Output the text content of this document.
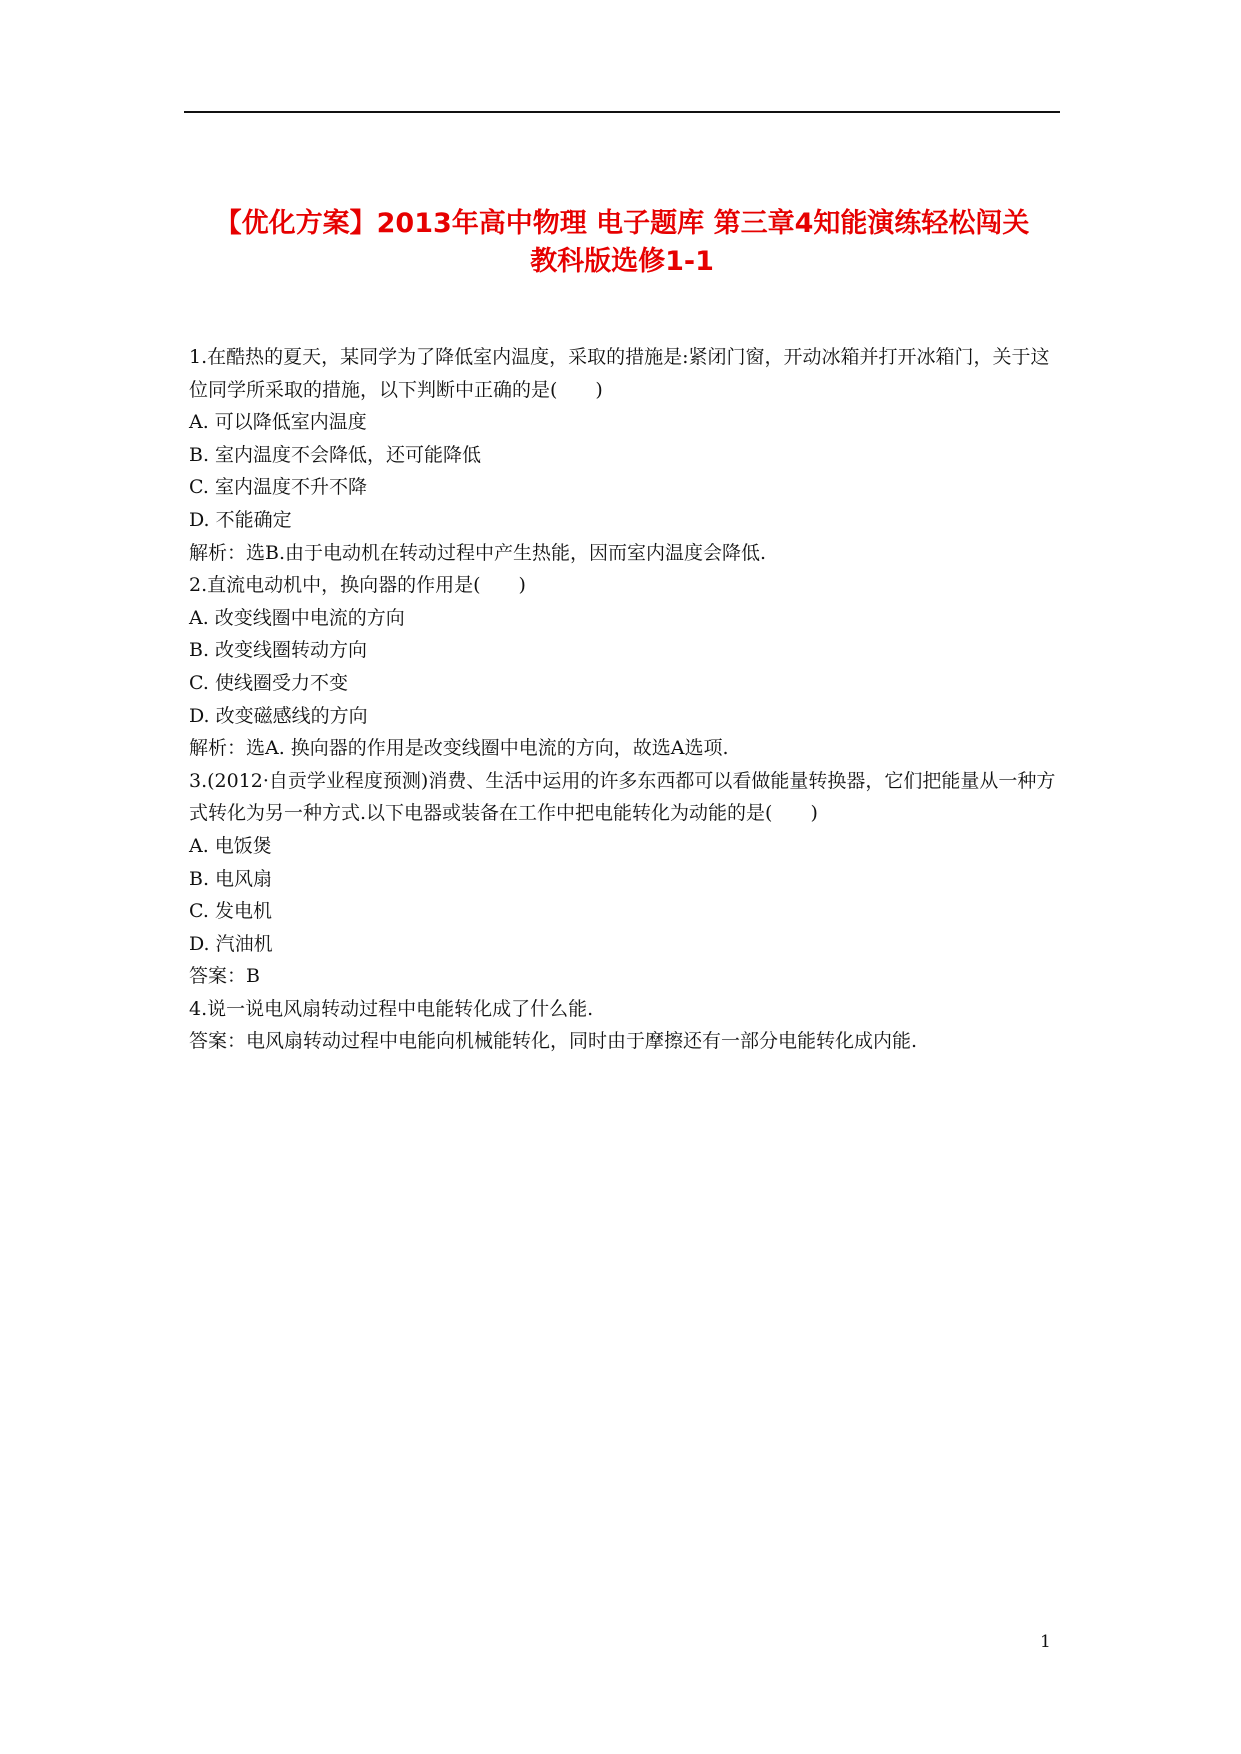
【优化方案】2013年高中物理 电子题库 第三章4知能演练轻松闯关
教科版选修1-1

1.在酷热的夏天，某同学为了降低室内温度，采取的措施是:紧闭门窗，开动冰箱并打开冰箱门，关于这位同学所采取的措施，以下判断中正确的是(　　)

A. 可以降低室内温度
B. 室内温度不会降低，还可能降低
C. 室内温度不升不降
D. 不能确定
解析：选B.由于电动机在转动过程中产生热能，因而室内温度会降低.
2.直流电动机中，换向器的作用是(　　)
A. 改变线圈中电流的方向
B. 改变线圈转动方向
C. 使线圈受力不变
D. 改变磁感线的方向
解析：选A. 换向器的作用是改变线圈中电流的方向，故选A选项.

3.(2012·自贡学业程度预测)消费、生活中运用的许多东西都可以看做能量转换器，它们把能量从一种方式转化为另一种方式.以下电器或装备在工作中把电能转化为动能的是(　　)

A. 电饭煲
B. 电风扇
C. 发电机
D. 汽油机
答案：B
4.说一说电风扇转动过程中电能转化成了什么能.
答案：电风扇转动过程中电能向机械能转化，同时由于摩擦还有一部分电能转化成内能.
1
